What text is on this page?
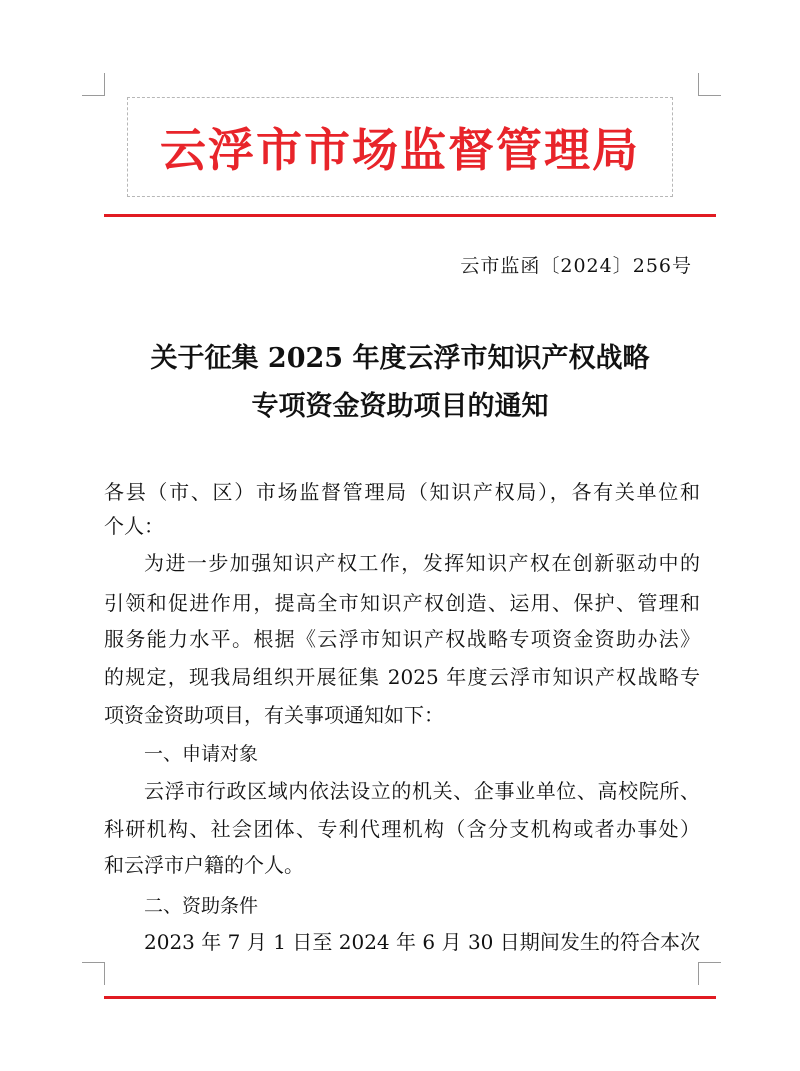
云浮市市场监督管理局
云市监函〔2024〕256号
关于征集 2025 年度云浮市知识产权战略
专项资金资助项目的通知
各县（市、区）市场监督管理局（知识产权局），各有关单位和
个人：
为进一步加强知识产权工作，发挥知识产权在创新驱动中的
引领和促进作用，提高全市知识产权创造、运用、保护、管理和
服务能力水平。根据《云浮市知识产权战略专项资金资助办法》
的规定，现我局组织开展征集 2025 年度云浮市知识产权战略专
项资金资助项目，有关事项通知如下：
一、申请对象
云浮市行政区域内依法设立的机关、企事业单位、高校院所、
科研机构、社会团体、专利代理机构（含分支机构或者办事处）
和云浮市户籍的个人。
二、资助条件
2023 年 7 月 1 日至 2024 年 6 月 30 日期间发生的符合本次
